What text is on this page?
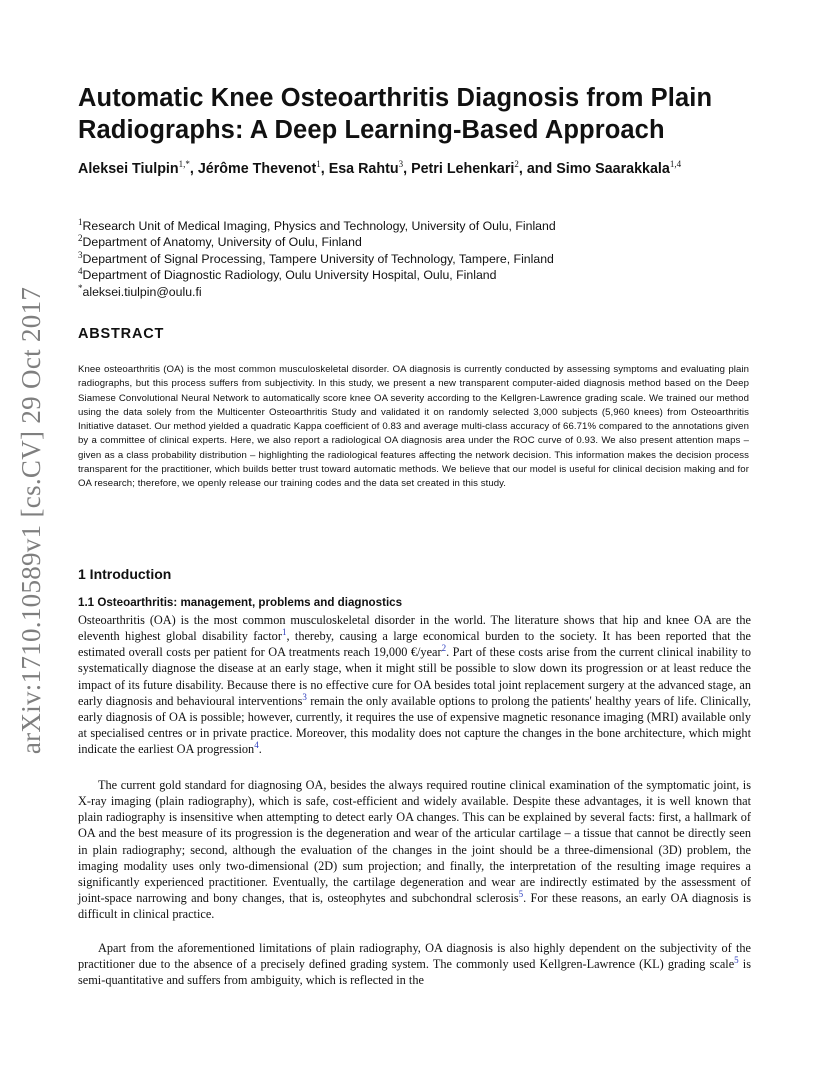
arXiv:1710.10589v1 [cs.CV] 29 Oct 2017
Automatic Knee Osteoarthritis Diagnosis from Plain Radiographs: A Deep Learning-Based Approach
Aleksei Tiulpin$^{1,*}$, Jérôme Thevenot$^1$, Esa Rahtu$^3$, Petri Lehenkari$^2$, and Simo Saarakkala$^{1,4}$
$^1$Research Unit of Medical Imaging, Physics and Technology, University of Oulu, Finland
$^2$Department of Anatomy, University of Oulu, Finland
$^3$Department of Signal Processing, Tampere University of Technology, Tampere, Finland
$^4$Department of Diagnostic Radiology, Oulu University Hospital, Oulu, Finland
*aleksei.tiulpin@oulu.fi
ABSTRACT

Knee osteoarthritis (OA) is the most common musculoskeletal disorder. OA diagnosis is currently conducted by assessing symptoms and evaluating plain radiographs, but this process suffers from subjectivity. In this study, we present a new transparent computer-aided diagnosis method based on the Deep Siamese Convolutional Neural Network to automatically score knee OA severity according to the Kellgren-Lawrence grading scale. We trained our method using the data solely from the Multicenter Osteoarthritis Study and validated it on randomly selected 3,000 subjects (5,960 knees) from Osteoarthritis Initiative dataset. Our method yielded a quadratic Kappa coefficient of 0.83 and average multi-class accuracy of 66.71% compared to the annotations given by a committee of clinical experts. Here, we also report a radiological OA diagnosis area under the ROC curve of 0.93. We also present attention maps – given as a class probability distribution – highlighting the radiological features affecting the network decision. This information makes the decision process transparent for the practitioner, which builds better trust toward automatic methods. We believe that our model is useful for clinical decision making and for OA research; therefore, we openly release our training codes and the data set created in this study.

1 Introduction
1.1 Osteoarthritis: management, problems and diagnostics

Osteoarthritis (OA) is the most common musculoskeletal disorder in the world. The literature shows that hip and knee OA are the eleventh highest global disability factor$^1$, thereby, causing a large economical burden to the society. It has been reported that the estimated overall costs per patient for OA treatments reach 19,000 €/year$^2$. Part of these costs arise from the current clinical inability to systematically diagnose the disease at an early stage, when it might still be possible to slow down its progression or at least reduce the impact of its future disability. Because there is no effective cure for OA besides total joint replacement surgery at the advanced stage, an early diagnosis and behavioural interventions$^3$ remain the only available options to prolong the patients' healthy years of life. Clinically, early diagnosis of OA is possible; however, currently, it requires the use of expensive magnetic resonance imaging (MRI) available only at specialised centres or in private practice. Moreover, this modality does not capture the changes in the bone architecture, which might indicate the earliest OA progression$^4$.

The current gold standard for diagnosing OA, besides the always required routine clinical examination of the symptomatic joint, is X-ray imaging (plain radiography), which is safe, cost-efficient and widely available. Despite these advantages, it is well known that plain radiography is insensitive when attempting to detect early OA changes. This can be explained by several facts: first, a hallmark of OA and the best measure of its progression is the degeneration and wear of the articular cartilage – a tissue that cannot be directly seen in plain radiography; second, although the evaluation of the changes in the joint should be a three-dimensional (3D) problem, the imaging modality uses only two-dimensional (2D) sum projection; and finally, the interpretation of the resulting image requires a significantly experienced practitioner. Eventually, the cartilage degeneration and wear are indirectly estimated by the assessment of joint-space narrowing and bony changes, that is, osteophytes and subchondral sclerosis$^5$. For these reasons, an early OA diagnosis is difficult in clinical practice.

Apart from the aforementioned limitations of plain radiography, OA diagnosis is also highly dependent on the subjectivity of the practitioner due to the absence of a precisely defined grading system. The commonly used Kellgren-Lawrence (KL) grading scale$^5$ is semi-quantitative and suffers from ambiguity, which is reflected in the
